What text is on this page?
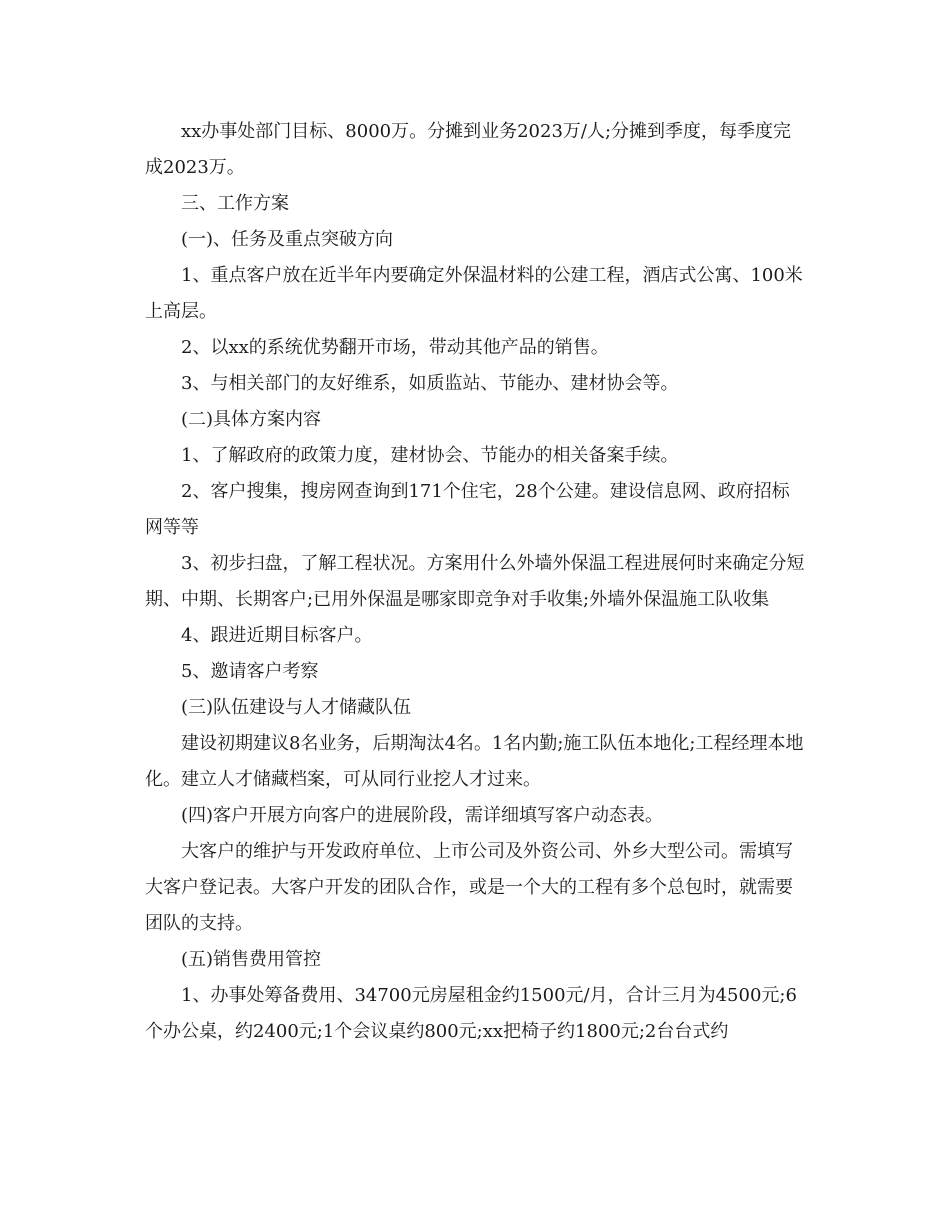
xx办事处部门目标、8000万。分摊到业务2023万/人;分摊到季度，每季度完成2023万。

三、工作方案

(一)、任务及重点突破方向

1、重点客户放在近半年内要确定外保温材料的公建工程，酒店式公寓、100米上高层。

2、以xx的系统优势翻开市场，带动其他产品的销售。

3、与相关部门的友好维系，如质监站、节能办、建材协会等。

(二)具体方案内容

1、了解政府的政策力度，建材协会、节能办的相关备案手续。

2、客户搜集，搜房网查询到171个住宅，28个公建。建设信息网、政府招标网等等

3、初步扫盘，了解工程状况。方案用什么外墙外保温工程进展何时来确定分短期、中期、长期客户;已用外保温是哪家即竞争对手收集;外墙外保温施工队收集

4、跟进近期目标客户。

5、邀请客户考察

(三)队伍建设与人才储藏队伍

建设初期建议8名业务，后期淘汰4名。1名内勤;施工队伍本地化;工程经理本地化。建立人才储藏档案，可从同行业挖人才过来。

(四)客户开展方向客户的进展阶段，需详细填写客户动态表。

大客户的维护与开发政府单位、上市公司及外资公司、外乡大型公司。需填写大客户登记表。大客户开发的团队合作，或是一个大的工程有多个总包时，就需要团队的支持。

(五)销售费用管控

1、办事处筹备费用、34700元房屋租金约1500元/月，合计三月为4500元;6个办公桌，约2400元;1个会议桌约800元;xx把椅子约1800元;2台台式约
